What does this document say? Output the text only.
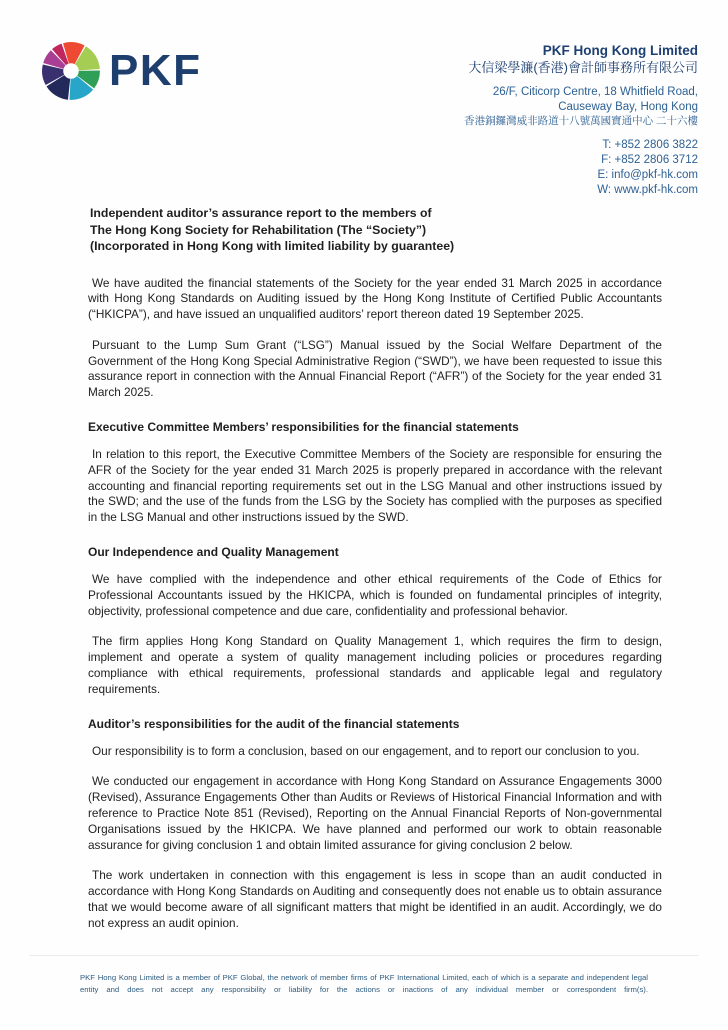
PKF	PKF Hong Kong Limited
大信梁學濂(香港)會計師事務所有限公司
26/F, Citicorp Centre, 18 Whitfield Road,
Causeway Bay, Hong Kong
香港銅鑼灣威非路道十八號萬國寶通中心 二十六樓
T: +852 2806 3822
F: +852 2806 3712
E: info@pkf-hk.com
W: www.pkf-hk.com
Independent auditor’s assurance report to the members of
The Hong Kong Society for Rehabilitation (The “Society”)
(Incorporated in Hong Kong with limited liability by guarantee)
We have audited the financial statements of the Society for the year ended 31 March 2025 in accordance with Hong Kong Standards on Auditing issued by the Hong Kong Institute of Certified Public Accountants (“HKICPA”), and have issued an unqualified auditors’ report thereon dated 19 September 2025.
Pursuant to the Lump Sum Grant (“LSG”) Manual issued by the Social Welfare Department of the Government of the Hong Kong Special Administrative Region (“SWD”), we have been requested to issue this assurance report in connection with the Annual Financial Report (“AFR”) of the Society for the year ended 31 March 2025.
Executive Committee Members’ responsibilities for the financial statements
In relation to this report, the Executive Committee Members of the Society are responsible for ensuring the AFR of the Society for the year ended 31 March 2025 is properly prepared in accordance with the relevant accounting and financial reporting requirements set out in the LSG Manual and other instructions issued by the SWD; and the use of the funds from the LSG by the Society has complied with the purposes as specified in the LSG Manual and other instructions issued by the SWD.
Our Independence and Quality Management
We have complied with the independence and other ethical requirements of the Code of Ethics for Professional Accountants issued by the HKICPA, which is founded on fundamental principles of integrity, objectivity, professional competence and due care, confidentiality and professional behavior.
The firm applies Hong Kong Standard on Quality Management 1, which requires the firm to design, implement and operate a system of quality management including policies or procedures regarding compliance with ethical requirements, professional standards and applicable legal and regulatory requirements.
Auditor’s responsibilities for the audit of the financial statements
Our responsibility is to form a conclusion, based on our engagement, and to report our conclusion to you.
We conducted our engagement in accordance with Hong Kong Standard on Assurance Engagements 3000 (Revised), Assurance Engagements Other than Audits or Reviews of Historical Financial Information and with reference to Practice Note 851 (Revised), Reporting on the Annual Financial Reports of Non-governmental Organisations issued by the HKICPA. We have planned and performed our work to obtain reasonable assurance for giving conclusion 1 and obtain limited assurance for giving conclusion 2 below.
The work undertaken in connection with this engagement is less in scope than an audit conducted in accordance with Hong Kong Standards on Auditing and consequently does not enable us to obtain assurance that we would become aware of all significant matters that might be identified in an audit. Accordingly, we do not express an audit opinion.
PKF Hong Kong Limited is a member of PKF Global, the network of member firms of PKF International Limited, each of which is a separate and independent legal entity and does not accept any responsibility or liability for the actions or inactions of any individual member or correspondent firm(s).
